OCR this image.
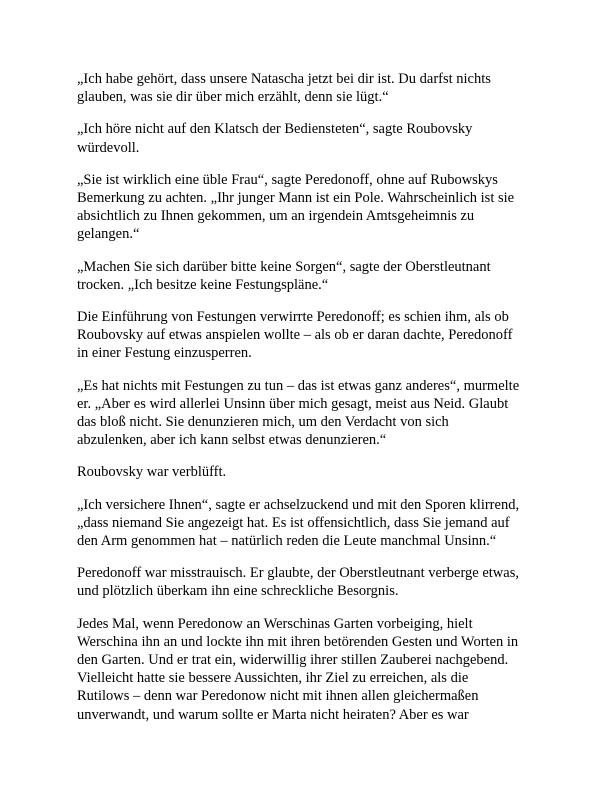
„Ich habe gehört, dass unsere Natascha jetzt bei dir ist. Du darfst nichts
glauben, was sie dir über mich erzählt, denn sie lügt.“

„Ich höre nicht auf den Klatsch der Bediensteten“, sagte Roubovsky
würdevoll.

„Sie ist wirklich eine üble Frau“, sagte Peredonoff, ohne auf Rubowskys
Bemerkung zu achten. „Ihr junger Mann ist ein Pole. Wahrscheinlich ist sie
absichtlich zu Ihnen gekommen, um an irgendein Amtsgeheimnis zu
gelangen.“

„Machen Sie sich darüber bitte keine Sorgen“, sagte der Oberstleutnant
trocken. „Ich besitze keine Festungspläne.“

Die Einführung von Festungen verwirrte Peredonoff; es schien ihm, als ob
Roubovsky auf etwas anspielen wollte – als ob er daran dachte, Peredonoff
in einer Festung einzusperren.

„Es hat nichts mit Festungen zu tun – das ist etwas ganz anderes“, murmelte
er. „Aber es wird allerlei Unsinn über mich gesagt, meist aus Neid. Glaubt
das bloß nicht. Sie denunzieren mich, um den Verdacht von sich
abzulenken, aber ich kann selbst etwas denunzieren.“

Roubovsky war verblüfft.

„Ich versichere Ihnen“, sagte er achselzuckend und mit den Sporen klirrend,
„dass niemand Sie angezeigt hat. Es ist offensichtlich, dass Sie jemand auf
den Arm genommen hat – natürlich reden die Leute manchmal Unsinn.“

Peredonoff war misstrauisch. Er glaubte, der Oberstleutnant verberge etwas,
und plötzlich überkam ihn eine schreckliche Besorgnis.

Jedes Mal, wenn Peredonow an Werschinas Garten vorbeiging, hielt
Werschina ihn an und lockte ihn mit ihren betörenden Gesten und Worten in
den Garten. Und er trat ein, widerwillig ihrer stillen Zauberei nachgebend.
Vielleicht hatte sie bessere Aussichten, ihr Ziel zu erreichen, als die
Rutilows – denn war Peredonow nicht mit ihnen allen gleichermaßen
unverwandt, und warum sollte er Marta nicht heiraten? Aber es war
